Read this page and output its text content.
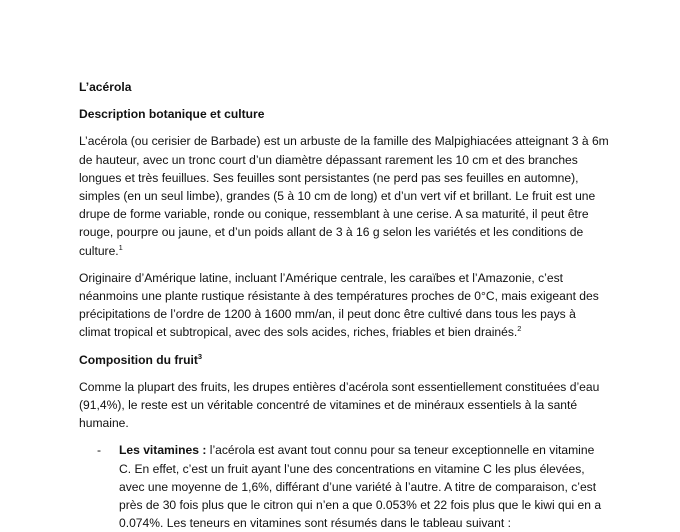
L’acérola

Description botanique et culture

L’acérola (ou cerisier de Barbade) est un arbuste de la famille des Malpighiacées atteignant 3 à 6m de hauteur, avec un tronc court d’un diamètre dépassant rarement les 10 cm et des branches longues et très feuillues. Ses feuilles sont persistantes (ne perd pas ses feuilles en automne), simples (en un seul limbe), grandes (5 à 10 cm de long) et d’un vert vif et brillant. Le fruit est une drupe de forme variable, ronde ou conique, ressemblant à une cerise. A sa maturité, il peut être rouge, pourpre ou jaune, et d’un poids allant de 3 à 16 g selon les variétés et les conditions de culture.$^1$

Originaire d’Amérique latine, incluant l’Amérique centrale, les caraïbes et l’Amazonie, c’est néanmoins une plante rustique résistante à des températures proches de 0°C, mais exigeant des précipitations de l’ordre de 1200 à 1600 mm/an, il peut donc être cultivé dans tous les pays à climat tropical et subtropical, avec des sols acides, riches, friables et bien drainés.$^2$

Composition du fruit$^3$

Comme la plupart des fruits, les drupes entières d’acérola sont essentiellement constituées d’eau (91,4%), le reste est un véritable concentré de vitamines et de minéraux essentiels à la santé humaine.

- Les vitamines : l’acérola est avant tout connu pour sa teneur exceptionnelle en vitamine C. En effet, c’est un fruit ayant l’une des concentrations en vitamine C les plus élevées, avec une moyenne de 1,6%, différant d’une variété à l’autre. A titre de comparaison, c’est près de 30 fois plus que le citron qui n’en a que 0.053% et 22 fois plus que le kiwi qui en a 0.074%. Les teneurs en vitamines sont résumés dans le tableau suivant :
